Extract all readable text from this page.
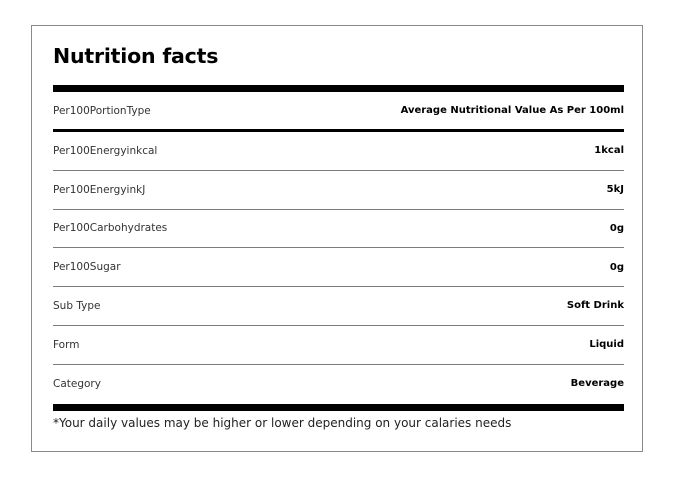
Nutrition facts
Per100PortionType	Average Nutritional Value As Per 100ml
Per100Energyinkcal	1kcal
Per100EnergyinkJ	5kJ
Per100Carbohydrates	0g
Per100Sugar	0g
Sub Type	Soft Drink
Form	Liquid
Category	Beverage

*Your daily values may be higher or lower depending on your calaries needs
